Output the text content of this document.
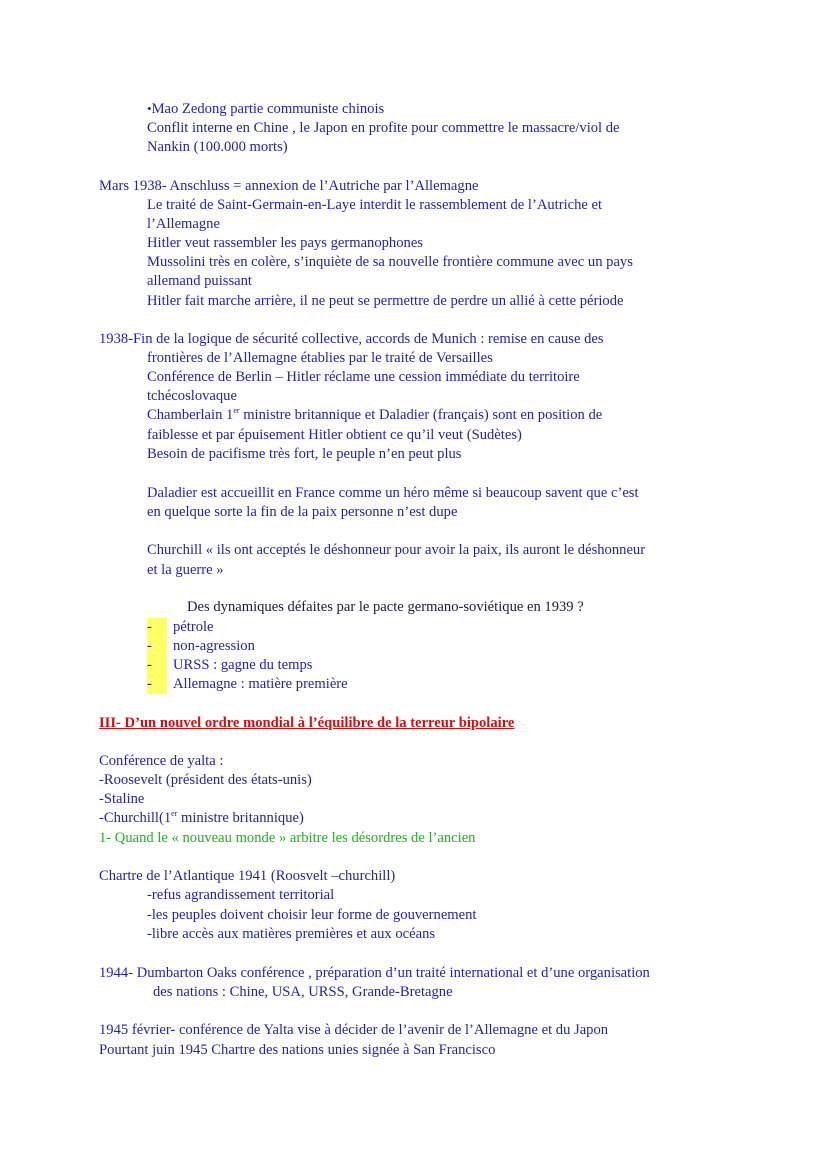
•Mao Zedong partie communiste chinois
Conflit interne en Chine , le Japon en profite pour commettre le massacre/viol de
Nankin (100.000 morts)
Mars 1938- Anschluss = annexion de l’Autriche par l’Allemagne
Le traité de Saint-Germain-en-Laye interdit le rassemblement de l’Autriche et
l’Allemagne
Hitler veut rassembler les pays germanophones
Mussolini très en colère, s’inquiète de sa nouvelle frontière commune avec un pays
allemand puissant
Hitler fait marche arrière, il ne peut se permettre de perdre un allié à cette période
1938-Fin de la logique de sécurité collective, accords de Munich : remise en cause des
frontières de l’Allemagne établies par le traité de Versailles
Conférence de Berlin – Hitler réclame une cession immédiate du territoire
tchécoslovaque
Chamberlain 1er ministre britannique et Daladier (français) sont en position de
faiblesse et par épuisement Hitler obtient ce qu’il veut (Sudètes)
Besoin de pacifisme très fort, le peuple n’en peut plus
Daladier est accueillit en France comme un héro même si beaucoup savent que c’est
en quelque sorte la fin de la paix personne n’est dupe
Churchill « ils ont acceptés le déshonneur pour avoir la paix, ils auront le déshonneur
et la guerre »
Des dynamiques défaites par le pacte germano-soviétique en 1939 ?
- pétrole
- non-agression
- URSS : gagne du temps
- Allemagne : matière première
III- D’un nouvel ordre mondial à l’équilibre de la terreur bipolaire
Conférence de yalta :
-Roosevelt (président des états-unis)
-Staline
-Churchill(1er ministre britannique)
1- Quand le « nouveau monde » arbitre les désordres de l’ancien
Chartre de l’Atlantique 1941 (Roosvelt –churchill)
-refus agrandissement territorial
-les peuples doivent choisir leur forme de gouvernement
-libre accès aux matières premières et aux océans
1944- Dumbarton Oaks conférence , préparation d’un traité international et d’une organisation
des nations : Chine, USA, URSS, Grande-Bretagne
1945 février- conférence de Yalta vise à décider de l’avenir de l’Allemagne et du Japon
Pourtant juin 1945 Chartre des nations unies signée à San Francisco
